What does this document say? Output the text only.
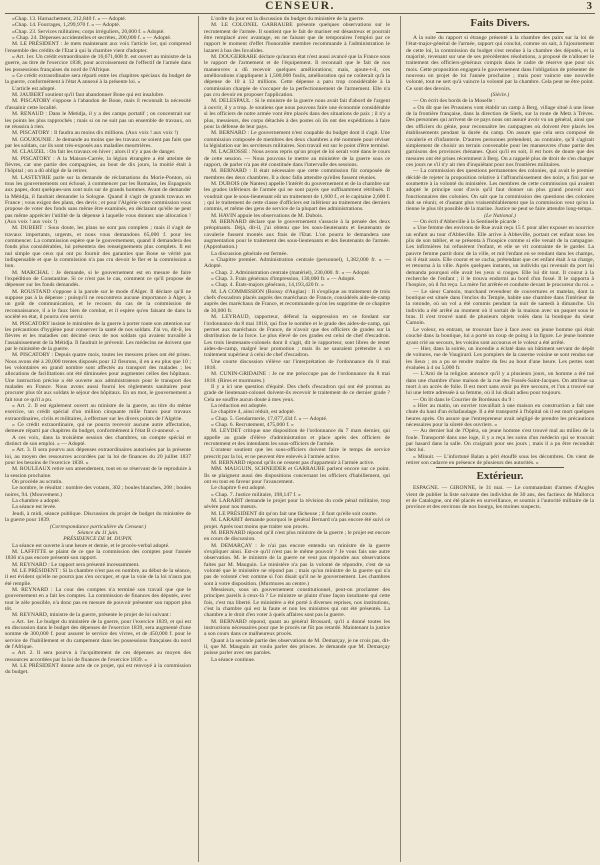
CENSEUR.	3

«Chap. 13. Harnachement, 212,840 f. » — Adopté.

«Chap. 14. Fourrages, 1,299,970 f. » — Adopté.

«Chap. 23. Services militaires; corps irréguliers, 20,000 f. » Adopté.

« Chap. 24. Dépenses accidentelles et secrètes, 200,000 f. » — Adopté.

M. LE PRÉSIDENT : Je mets maintenant aux voix l'article 1er, qui comprend l'ensemble des crédits de l'Etat à qui la chambre vient d'adopter.

« Art. 1er. Un crédit extraordinaire de 16,671,608 fr. est ouvert au ministre de la guerre, au titre de l'exercice 1838, pour accroissement de l'effectif de l'armée dans les possessions françaises du nord de l'Afrique.

« Ce crédit extraordinaire sera réparti entre les chapitres spéciaux du budget de la guerre, conformément à l'état A annexé à la présente loi. »

L'article est adopté.

M. JAUBERT soutient qu'il faut abandonner Bone qui est insalubre.

M. PISCATORY s'oppose à l'abandon de Bone, mais il reconnaît la nécessité d'assainir cette localité.

M. RENAUD : Dans le Metidja, il y a des camps portatif ; on concentrait sur les points les plus rapprochés ; mais si on ne suit pas un ensemble de travaux, on ne réussira à rien.

M. PISCATORY : Il faudra au moins dix millions. (Aux voix ! aux voix !)

M. GOUJOUNIE : Je demande au moins que les travaux ne soient pas faits que par les soldats, car ils sont très-exposés aux maladies meurtrières.

M. CLAUZEL : On fait les travaux en hiver ; alors il n'y a pas de danger.

M. PISCATORY : A la Maison-Carrée, la légion étrangère a été atteinte de fièvres, car une partie des compagnies, au bout de dix jours, la moitié était à l'hôpital ; on a dû obligé de la retirer.

M. LASTEYRIE parle sur la demande de réclamations du Morie-Ponton, où tous les gouvernements ont échoué, à commencer par les Romains, les Espagnols aux papes, dont quelques-uns sont nuls sur de grands hommes. Avant de demander la Métidja, il faudrait demander la Sologne. Quand il s'agit de grands travaux en France ; vous exigez des plans, des devis ; et pour l'Algérie votre commission vous propose de voter des fonds sans même être examinés, en déclarant qu'elle ne peut pas même apprécier l'utilité de la dépense à laquelle vous donnez une allocation ! (Aux voix ! aux voix !)

M. DUBERT : Sous doute, les plans ne sont pas complets ; mais il s'agit de travaux importants, urgents, et nous vous demandons 65,000 f. pour les commencer. La commission espère que le gouvernement, quand il demandera des fonds plus considérables, lui présentera des renseignements plus complets. Il est nul simple que ceux qui ont pu fournir des garanties que Bone se vérité pas indispensable et que la commission n'a pas cru devoir le fier et la commission a bon.

M. MARCHAL : Je demande, si le gouvernement est en mesure de faire l'expédition de Constantine. Si ce n'est pas le cas, comment ce qu'il propose de dépenser sur les fonds demandés.

M. ROUSTAND s'oppose à la parole sur le mode d'Alger. Il déclare qu'il ne suppose pas à la dépense ; puisqu'il ne rencontrera aucune importance à Alger, à un goût de communication, et le recours du cas de la commission de reconnaissance, il a le faux bien de combat, et il espère qu'en faisant de dans la société en état, il pourra s'en servir.

M. PISCATORY insiste le ministère de la guerre à porter toute son attention sur les précautions d'hygiène pour conserver la santé de nos soldats. J'ai vu, dit-il, les fièvres et les maladies ont décimé ceux de nos soldats qui avaient travaillé à l'assainissement de la Métidja. Il faudrait le prévenir. Les médecins ne doivent que par le ministère de la guerre.

M. PISCATORY : Depuis quatre mois, toutes les mesures prises ont été prises. Nous avons été à 20,000 trentes disposés pour 12 fleurons, il en a eu plus que 10 ; les volontaires en grand nombre sont affectés au transport des malades ; les allocations de facilitations ont été diminuées pour augmenter celles des hôpitaux. Une instruction précise a été ouverte aux administrateurs pour le transport des malades en France. Nous avons aussi fourni les règlements sanitaires pour procurer plus tôt aux soldats le séjour des hôpitaux. En un mot, le gouvernement a fait tout ce qu'il a pu.

« Art. 2. Il est également ouvert au ministre de la guerre, au titre du même exercice, un crédit spécial d'un million cinquante mille francs pour travaux extraordinaires, civils et militaires, à effectuer sur les divers points de l'Algérie.

« Ce crédit extraordinaire, qui ne pourra recevoir aucune autre affectation, demeure réparti par chapitres du budget, conformément à l'état B ci-annexé. »

A ces voix, dans la troisième session des chambres, un compte spécial et distinct de son emploi. » — Adopté.

« Art. 3. Il sera pourvu aux dépenses extraordinaires autorisées par la présente loi, au moyen des ressources accordées par la loi de finances du 20 juillet 1837 pour les besoins de l'exercice 1838. »

M. ROULEAUX retire son amendement, tout en se réservant de le reproduire à la session prochaine.

On procède au scrutin.

Le nombre, le résultat : nombre des votants, 302 ; boules blanches, 208 ; boules noires, 94. (Mouvement.)

La chambre a adopté.

La séance est levée.

Jeudi, à midi, séance publique. Discussion du projet de budget du ministère de la guerre pour 1839.

(Correspondance particulière du Censeur.)

Séance du 11 juin.

PRÉSIDENCE DE M. DUPIN.

La séance est ouverte à une heure et demie, et le procès-verbal adopté.

M. LAFFITTE se plaint de ce que la commission des comptes pour l'année 1836 n'a pas encore présenté son rapport.

M. REYNARD : Le rapport sera présenté incessamment.

M. LE PRÉSIDENT : Si la chambre n'est pas en nombre, au début de la séance, il est évident qu'elle ne pourra pas s'en occuper, et que la voie de la loi n'aura pas été remplie.

M. REYNARD : La cour des comptes n'a terminé son travail que que le gouvernement en a fait les comptes. La commission de finances des députés, avec tout le zèle possible, n'a donc pas en mesure de pouvoir présenter son rapport plus tôt.

M. REYNARD, ministre de la guerre, présente le projet de loi suivant :

« Art. 1er. Le budget du ministère de la guerre, pour l'exercice 1839, et qui est en discussion dans le budget des dépenses de l'exercice 1839, sera augmenté d'une somme de 300,000 f. pour assurer le service des vivres, et de 450,000 f. pour le service de l'habillement et du campement dans les possessions françaises du nord de l'Afrique.

« Art. 2. Il sera pourvu à l'acquittement de ces dépenses au moyen des ressources accordées par la loi de finances de l'exercice 1839. »

M. LE PRÉSIDENT donne acte de ce projet, qui est renvoyé à la commission du budget.

L'ordre du jour est la discussion du budget du ministère de la guerre.

M. LE COLONEL GARRAUBE présente quelques observations sur le recrutement de l'armée. Il soutient que le fait de mariner est désastreux et pourrait être remplacé avec avantage, en ne faisant que de temporaires l'emploi par ce rapport le moment d'effet l'honorable membre recommande à l'administration le lazaret à bas des Invalides.

M. DOUGERRARE déclare qu'aucun état n'est aussi avancé que la France sous le rapport de l'armement et de l'équipement. Il reconnaît que le fait de nos manœuvres a dû recevoir quelques améliorations; mais, ajoute-t-il, ces améliorations s'appliquent à 1,500,000 fusils, amélioration qui ne coûterait qu'à la dépense de 10 à 12 millions. Cette dépense a paru trop considérable à la commission chargée de s'occuper de la perfectionnement de l'armement. Elle n'a pas cru devoir en proposer l'application.

M. DELESPAUL : Si le ministre de la guerre nous avait fait d'abord de l'argent à ouvrir, il y a trop. Je soutiens que nous pouvons faire une économie considérable si les officiers de notre armée vont être placés dans des situations de paix ; il n'y a plus, messieurs, des corps détachés à des postes où ils ont des expéditions à faire pour la défense de leur pays.

M. BERNARD : Le gouvernement n'est coupable du budget dont il s'agit. Une commission composée de membres des deux chambres a été nommée pour réviser la législation sur les serviteurs militaires. Son travail est sur le point d'être terminé.

M. LACROSSE : Nous avons repris qu'un projet de loi serait voté dans le cours de cette session. — Nous pouvons le mettre au ministère de la guerre sous ce rapport, de parler n'a pas été constituée dans l'intervalle des sessions.

M. BERNARD : Il était nécessaire que cette commission fût composée de membres des deux chambres. Il a donc fallu attendre qu'elles fussent réunies.

M. DUBOIS (de Nantes) appelle l'intérêt du gouvernement et de la chambre sur les grades inférieurs de l'armée qui ne sont payés que suffisamment rétribués. Il voudrait que le sous-lieutenant eût un traitement de 1,600 f., et le capitaine 2,600 f. ; qui le traitement de cette classe d'officiers est inférieur au traitement des derniers commis, et même des gens de service de la plupart des administrations.

M. HAVIN appuie les observations de M. Dubois.

M. BERNARD déclare que le gouvernement s'associe à la pensée des deux préopinants. Déjà, dit-il, j'ai obtenu que les sous-lieutenants et lieutenants de cavalerie fussent montés aux frais de l'Etat. L'on pourra le demandera une augmentation pour le traitement des sous-lieutenants et des lieutenants de l'armée. (Approbation.)

La discussion générale est fermée.

« Chapitre premier. Administration centrale (personnel), 1,382,000 fr. » — Adopté.

« Chap. 2. Administration centrale (matériel), 230,000. fr. » — Adopté.

« Chap. 3. Frais généraux d'impression, 130,000 fr. » — Adopté.

« Chap. 4. États-majors généraux, 14,193,420 fr. »

M. LA COMMISSION (Boissy d'Anglas) : Il s'explique au traitement de trois chefs d'escadron placés auprès des maréchaux de France, considérés aide-de-camp auprès des maréchaux de France, et recommande qu'on les supprime de ce chapitre de 30,000 fr.

M. LEYRAUD, rapporteur, défend la suppression en se fondant sur l'ordonnance du 8 mai 1818, qui fixe le nombre et le grade des aides-de-camp, qui permet aux maréchaux de France, de n'avoir que des officiers de grades sur la distribution de la force. Le plus élevé de ces grades est celui de chef d'escadron. Les trois lieutenants-colonels dont il s'agit, dit le rapporteur, sont libres de rester aides-de-camp, malgré leur promotion ; mais ils ne sauraient prétendre à un traitement supérieur à celui de chef d'escadron.

Une courte discussion s'élève sur l'interprétation de l'ordonnance du 8 mai 1818.

M. CUNIN-GRIDAINE : Je ne me préoccupe pas de l'ordonnance du 8 mai 1818. (Rires et murmures.)

Il y a ici une question d'équité. Des chefs d'escadron qui ont été promus au grade de lieutenant-colonel doivent-ils recevoir le traitement de ce dernier grade ? Cela ne souffre aucun doute à mes yeux.

La réduction est adoptée.

Le chapitre 4, ainsi réduit, est adopté.

« Chap. 5. Gendarmerie, 17,077,434 f. » — Adopté.

« Chap. 6. Recrutement, 475,000 f. »

M. LEYDET critique une disposition de l'ordonnance du 7 mars dernier, qui appelle au grade d'élève d'administration et place après des officiers de recrutement et des intendants les sous-officiers de l'armée.

L'orateur soutient que les sous-officiers doivent faire le temps de service prescrit par la loi, et ne peuvent être enlevés à l'armée active.

M. BERNARD répond qu'ils ne cessent pas d'appartenir à l'armée active.

MM. MAUGUIN, SCHNEIDER et GARRAUBE parlent encore sur ce point. Ils se plaignent aussi des dispositions concernant les officiers d'habillement, qui ont eu tout en faveur pour l'avancement.

Le chapitre 6 est adopté.

« Chap. 7. Justice militaire, 198,147 f. »

M. LARABIT demande le projet pour la révision du code pénal militaire, trop sévère pour nos mœurs.

M. LE PRÉSIDENT dit qu'on fait une fâcheuse ; il faut qu'elle soit courte.

M. LARABIT demande pourquoi le général Bernard n'a pas encore été suivi ce projet. Après tout moins que traiter son procès.

M. BERNARD répond qu'il n'est plus ministre de la guerre ; le projet est encore en cours de discussion.

M. DEMARÇAY : Je n'ai pas encore entendu un ministre de la guerre s'expliquer ainsi. Est-ce qu'il n'est pas le même pouvoir ? Je vous fais une autre observation. M. le ministre de la guerre ne veut pas répondre aux observations faites par M. Mauguin. Le ministère n'a pas la volonté de répondre, c'est de sa volonté que le ministère ne répond pas ; mais qu'un ministre de la guerre qui n'a pas de volonté c'est comme si l'on disait qu'il ne le gouvernement. Les chambres sont à votre disposition. (Murmures au centre.)

Messieurs, sous un gouvernement constitutionnel, peut-on proclamer des principes pareils à ceux-là ? Le ministre se plaint d'une façon insultante qui cette fois, c'est ma liberté. Le ministère a été porté à diverses reprises, nos institutions, c'est la chambre qui est la faute et non les ministres qui ont été présentés. La chambre a le droit d'en voter à quels affaires sont pas la guerre.

M. BERNARD répond, quant au général Brossard, qu'il a donné toutes les instructions nécessaires pour que le procès ne fût pas retardé. Maintenant la justice a son cours dans ce malheureux procès.

Quant à la seconde partie des observations de M. Demarçay, je ne crois pas, dit-il, que M. Mauguin ait voulu parler des princes. Je demande que M. Demarçay puisse parler avec ses paroles.

La séance continue.

Faits Divers.

A la suite du rapport si étrange présenté à la chambre des pairs sur la loi de l'état-major-général de l'armée, rapport qui conclut, comme on sait, à l'ajournement de cette loi, la commission du budget s'est rendue à la chambre des députés, et la majorité, revenant sur une de ses précédentes résolutions, a proposé de n'allouer le traitement des officiers-généraux compris dans le cadre de réserve que pour six mois. Cette proposition engagera le gouvernement dans l'obligation de présenter de nouveau un projet de loi l'année prochaine ; mais pour vaincre une nouvelle volonté, tout ne sert qu'à vaincre la volonté par la chambre. Cela peut ne être point. Ce sont des devoirs.

(Siècle.)

— On écrit des bords de la Moselle :

« On dit que les Prussiens vont établir un camp à Berg, village situé à une lieue de la frontière française, dans la direction de Sierk, sur la route de Metz à Trèves. Des personnes qui arrivent de ce pays nous ont assuré avoir vu un général, ainsi que des officiers du génie, pour reconnaître les campagnes où doivent être placés les établissements pendant la durée du camp. On assure que cela sera composé de cavalerie et d'infanterie. D'autres personnes prétendent, au contraire, qu'il s'agirait simplement de choisir un terrain convenable pour les manœuvres d'une partie des garnisons des provinces rhénanes. Quoi qu'il en soit, il est hors de doute que des mesures ont été prises récemment à Berg. On a rappelé plus de droit de s'en charger ces jours ne s'il n'y ait rien d'inquiétant pour nos frontières militaires.

— La commission des questions permanentes des colonies, qui avait le premier décidé de rejeter la proposition relative à l'affranchissement des noirs, a fini par se soumettre à la volonté du ministère. Les membres de cette commission qui avaient adopté le principe sont d'avis qu'il faut donner un plus grand pouvoir aux fonctionnaires des colonies. On sait que la commission des questions des colonies doit se réunir, et d'autant plus vraisemblablement que la commission veut qu'on la tienne le plus tôt possible de la marine. Justice ne peut se faire attendre long-temps.

(Le National.)

— On écrit d'Abbeville à la Sentinelle picarde :

« Une femme des environs de Rue avait reçu 15 f. pour aller exposer en nourrice un enfant au tour d'Abbeville. Elle arrive à Abbeville, portant cet enfant sous les plis de son tablier, et se présenta à l'hospice comme si elle venait de la campagne. Les infirmières lui refusèrent l'enfant, et elle se vit contrainte de le garder. La pauvre femme partit donc de la ville, et mit l'enfant en se rendant dans les champs, où il était assis. Elle courut et se cacha, prétendant que cet enfant était à sa charge, et retourna à la ville. Après quelques instants, un individu qui revenait du port lui demanda pourquoi elle avait les yeux si rouges. Elle lui dit tout. Il courut à la recherche de l'enfant ; il le trouva endormi au bord d'un fossé. Il le rapporta à l'hospice, où il fut reçu. La mère fut arrêtée et conduite devant le procureur du roi. »

— Le sieur Camoin, marchand revendeur de couvertures et matelas, dont la boutique est située dans l'enclos du Temple, habite une chambre dans l'intérieur de la rotonde, où un vol a été commis pendant la nuit de samedi à dimanche. Un individu a été arrêté au moment où il sortait de la maison avec un paquet sous le bras. Il s'est trouvé nanti de plusieurs objets volés dans la boutique du sieur Camoin.

Le voleur, en entrant, se trouvant face à face avec un jeune homme qui était couché dans la boutique, lui a porté un coup de poing à la figure. Le jeune homme ayant crié au secours, les voisins sont accourus et le voleur a été arrêté.

— Hier, dans la soirée, un incendie a éclaté dans un bâtiment servant de dépôt de voitures, rue de Vaugirard. Les pompiers de la caserne voisine se sont rendus sur les lieux ; on a pu se rendre maître du feu au bout d'une heure. Les pertes sont évaluées à 4 ou 5,000 fr.

— L'Ami de la religion annonce qu'il y a plusieurs jours, un homme a été tué dans une chambre d'une maison de la rue des Fossés-Saint-Jacques. On attribue sa mort à un accès de folie. Il est mort sans avoir pu être secouru, et l'on a trouvé sur lui une lettre adressée à sa femme, où il lui disait adieu pour toujours.

— On lit dans le Courrier de Bordeaux du 9 :

« Hier au matin, un ouvrier travaillait à une maison en construction a fait une chute du haut d'un échafaudage. Il a été transporté à l'hôpital où il est mort quelques heures après. On assure que l'entrepreneur avait négligé de prendre les précautions nécessaires pour la sûreté des ouvriers. »

— Au dernier bal de l'Opéra, un jeune homme s'est trouvé mal au milieu de la foule. Transporté dans une loge, il y a reçu les soins d'un médecin qui se trouvait par hasard dans la salle. On craignait pour ses jours ; mais il a pu être reconduit chez lui.

« Minuit. — L'infortuné Balan a péri étouffé sous les décombres. On vient de retirer son cadavre en présence de plusieurs des autorités. »

Extérieur.

ESPAGNE. — GIRONNE, le 31 mai. — Le commandant d'armes d'Angles vient de publier la liste suivante des individus de 30 ans, des factieux de Mallorca et de Catalogne, ont été placés en surveillance, et soumis à l'autorité militaire de la province et des environs de nos bourgs, les moines suspects.
